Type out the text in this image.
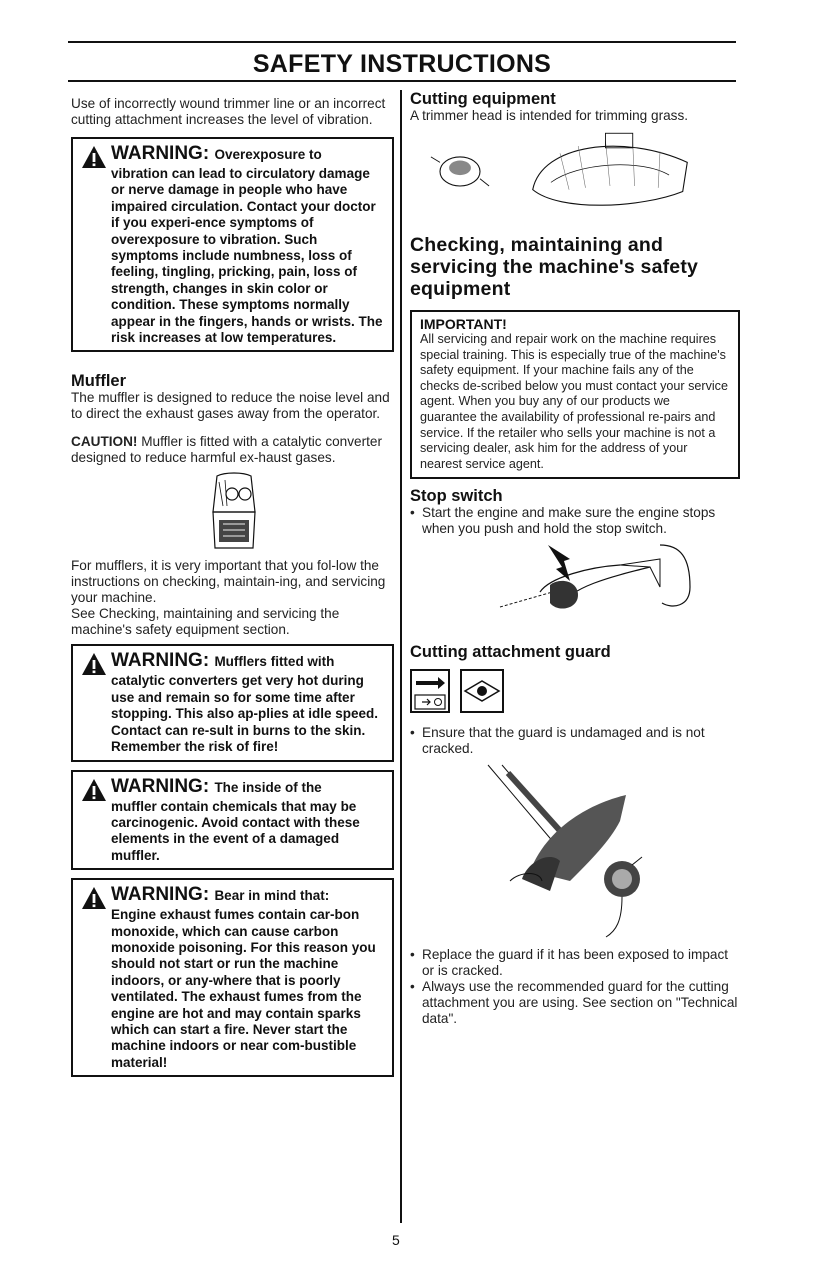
SAFETY INSTRUCTIONS

Use of incorrectly wound trimmer line or an incorrect cutting attachment increases the level of vibration.

WARNING: Overexposure to
vibration can lead to circulatory damage or nerve damage in people who have impaired circulation. Contact your doctor if you experi-ence symptoms of overexposure to vibration. Such symptoms include numbness, loss of feeling, tingling, pricking, pain, loss of strength, changes in skin color or condition. These symptoms normally appear in the fingers, hands or wrists. The risk increases at low temperatures.
Muffler

The muffler is designed to reduce the noise level and to direct the exhaust gases away from the operator.

CAUTION! Muffler is fitted with a catalytic converter designed to reduce harmful ex-haust gases.

For mufflers, it is very important that you fol-low the instructions on checking, maintain-ing, and servicing your machine.

See Checking, maintaining and servicing the machine's safety equipment section.

WARNING: Mufflers fitted with
catalytic converters get very hot during use and remain so for some time after stopping. This also ap-plies at idle speed. Contact can re-sult in burns to the skin. Remember the risk of fire!
WARNING: The inside of the
muffler contain chemicals that may be carcinogenic. Avoid contact with these elements in the event of a damaged muffler.
WARNING: Bear in mind that:
Engine exhaust fumes contain car-bon monoxide, which can cause carbon monoxide poisoning. For this reason you should not start or run the machine indoors, or any-where that is poorly ventilated. The exhaust fumes from the engine are hot and may contain sparks which can start a fire. Never start the machine indoors or near com-bustible material!
Cutting equipment

A trimmer head is intended for trimming grass.

Checking, maintaining and servicing the machine's safety equipment
IMPORTANT!
All servicing and repair work on the machine requires special training. This is especially true of the machine's safety equipment. If your machine fails any of the checks de-scribed below you must contact your service agent. When you buy any of our products we guarantee the availability of professional re-pairs and service. If the retailer who sells your machine is not a servicing dealer, ask him for the address of your nearest service agent.
Stop switch
• Start the engine and make sure the engine stops when you push and hold the stop switch.
Cutting attachment guard

• Ensure that the guard is undamaged and is not cracked.
• Replace the guard if it has been exposed to impact or is cracked.
• Always use the recommended guard for the cutting attachment you are using. See section on "Technical data".
5
